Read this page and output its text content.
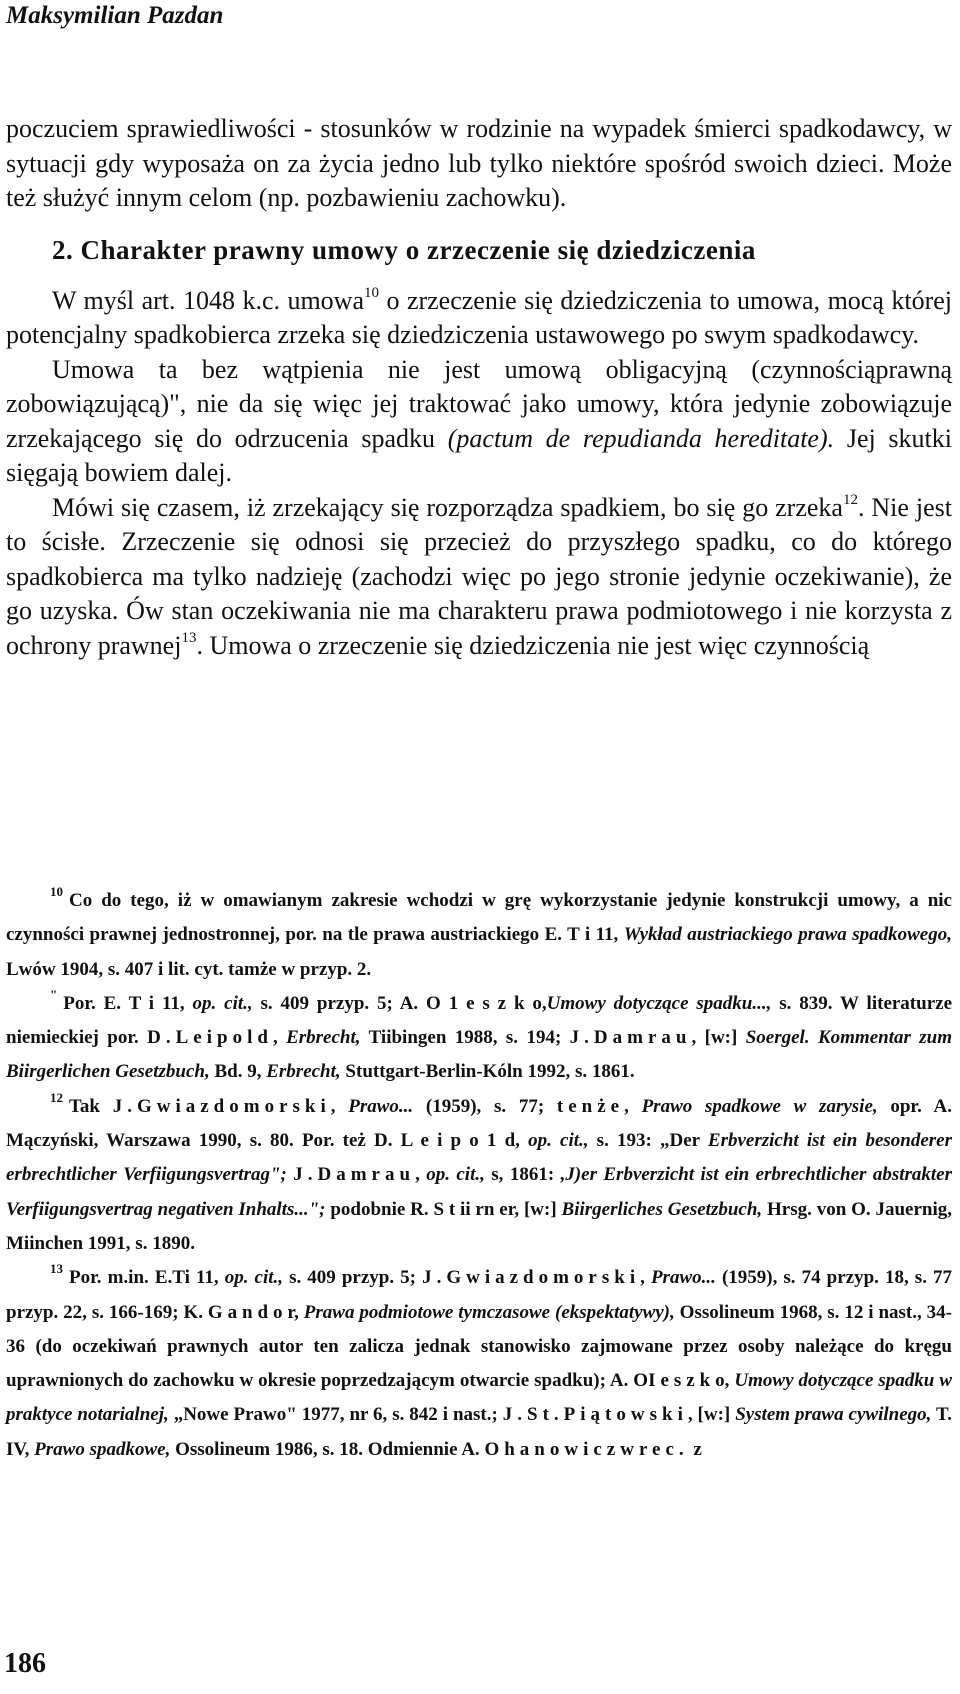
Maksymilian Pazdan

poczuciem sprawiedliwości - stosunków w rodzinie na wypadek śmierci spadkodawcy, w sytuacji gdy wyposaża on za życia jedno lub tylko niektóre spośród swoich dzieci. Może też służyć innym celom (np. pozbawieniu zachowku).

2. Charakter prawny umowy o zrzeczenie się dziedziczenia

W myśl art. 1048 k.c. umowa$^{10}$ o zrzeczenie się dziedziczenia to umowa, mocą której potencjalny spadkobierca zrzeka się dziedziczenia ustawowego po swym spadkodawcy.

Umowa ta bez wątpienia nie jest umową obligacyjną (czynnościąprawną zobowiązującą)", nie da się więc jej traktować jako umowy, która jedynie zobowiązuje zrzekającego się do odrzucenia spadku (pactum de repudianda hereditate). Jej skutki sięgają bowiem dalej.

Mówi się czasem, iż zrzekający się rozporządza spadkiem, bo się go zrzeka$^{12}$. Nie jest to ścisłe. Zrzeczenie się odnosi się przecież do przyszłego spadku, co do którego spadkobierca ma tylko nadzieję (zachodzi więc po jego stronie jedynie oczekiwanie), że go uzyska. Ów stan oczekiwania nie ma charakteru prawa podmiotowego i nie korzysta z ochrony prawnej$^{13}$. Umowa o zrzeczenie się dziedziczenia nie jest więc czynnością

$^{10}$ Co do tego, iż w omawianym zakresie wchodzi w grę wykorzystanie jedynie konstrukcji umowy, a nic czynności prawnej jednostronnej, por. na tle prawa austriackiego E. T i 11, Wykład austriackiego prawa spadkowego, Lwów 1904, s. 407 i lit. cyt. tamże w przyp. 2.

" Por. E. T i 11, op. cit., s. 409 przyp. 5; A. O 1 e s z k o,Umowy dotyczące spadku..., s. 839. W literaturze niemieckiej por. D.Leipold, Erbrecht, Tiibingen 1988, s. 194; J.Damrau, [w:] Soergel. Kommentar zum Biirgerlichen Gesetzbuch, Bd. 9, Erbrecht, Stuttgart-Berlin-Kóln 1992, s. 1861.

$^{12}$ Tak J.Gwiazdomorski, Prawo... (1959), s. 77; tenże, Prawo spadkowe w zarysie, opr. A. Mączyński, Warszawa 1990, s. 80. Por. też D. L e i p o 1 d, op. cit., s. 193: „Der Erbverzicht ist ein besonderer erbrechtlicher Verfiigungsvertrag"; J.Damrau, op. cit., s, 1861: ,J)er Erbverzicht ist ein erbrechtlicher abstrakter Verfiigungsvertrag negativen Inhalts..."; podobnie R. S t ii rn er, [w:] Biirgerliches Gesetzbuch, Hrsg. von O. Jauernig, Miinchen 1991, s. 1890.

$^{13}$ Por. m.in. E.Ti 11, op. cit., s. 409 przyp. 5; J.Gwiazdomorski, Prawo... (1959), s. 74 przyp. 18, s. 77 przyp. 22, s. 166-169; K. G a n d o r, Prawa podmiotowe tymczasowe (ekspektatywy), Ossolineum 1968, s. 12 i nast., 34-36 (do oczekiwań prawnych autor ten zalicza jednak stanowisko zajmowane przez osoby należące do kręgu uprawnionych do zachowku w okresie poprzedzającym otwarcie spadku); A. OI e s z k o, Umowy dotyczące spadku w praktyce notarialnej, „Nowe Prawo" 1977, nr 6, s. 842 i nast.; J.St.Piątowski, [w:] System prawa cywilnego, T. IV, Prawo spadkowe, Ossolineum 1986, s. 18. Odmiennie A. Ohanowiczwrec. z

186
